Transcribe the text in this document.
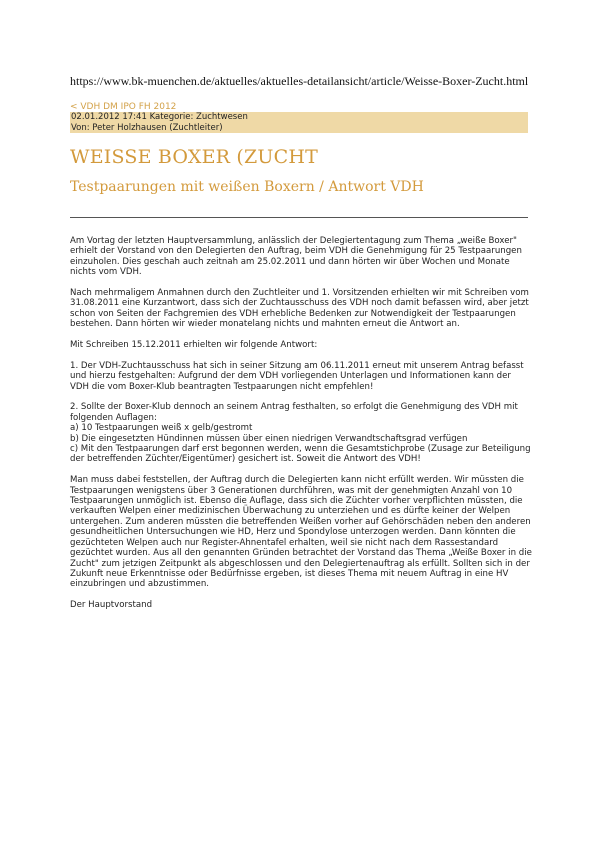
https://www.bk-muenchen.de/aktuelles/aktuelles-detailansicht/article/Weisse-Boxer-Zucht.html
< VDH DM IPO FH 2012
02.01.2012 17:41 Kategorie: Zuchtwesen
Von: Peter Holzhausen (Zuchtleiter)
WEISSE BOXER (ZUCHT
Testpaarungen mit weißen Boxern / Antwort VDH

Am Vortag der letzten Hauptversammlung, anlässlich der Delegiertentagung zum Thema „weiße Boxer" erhielt der Vorstand von den Delegierten den Auftrag, beim VDH die Genehmigung für 25 Testpaarungen einzuholen. Dies geschah auch zeitnah am 25.02.2011 und dann hörten wir über Wochen und Monate nichts vom VDH.

Nach mehrmaligem Anmahnen durch den Zuchtleiter und 1. Vorsitzenden erhielten wir mit Schreiben vom 31.08.2011 eine Kurzantwort, dass sich der Zuchtausschuss des VDH noch damit befassen wird, aber jetzt schon von Seiten der Fachgremien des VDH erhebliche Bedenken zur Notwendigkeit der Testpaarungen bestehen. Dann hörten wir wieder monatelang nichts und mahnten erneut die Antwort an.

Mit Schreiben 15.12.2011 erhielten wir folgende Antwort:

1. Der VDH-Zuchtausschuss hat sich in seiner Sitzung am 06.11.2011 erneut mit unserem Antrag befasst und hierzu festgehalten: Aufgrund der dem VDH vorliegenden Unterlagen und Informationen kann der VDH die vom Boxer-Klub beantragten Testpaarungen nicht empfehlen!

2. Sollte der Boxer-Klub dennoch an seinem Antrag festhalten, so erfolgt die Genehmigung des VDH mit folgenden Auflagen:
a) 10 Testpaarungen weiß x gelb/gestromt
b) Die eingesetzten Hündinnen müssen über einen niedrigen Verwandtschaftsgrad verfügen
c) Mit den Testpaarungen darf erst begonnen werden, wenn die Gesamtstichprobe (Zusage zur Beteiligung der betreffenden Züchter/Eigentümer) gesichert ist. Soweit die Antwort des VDH!

Man muss dabei feststellen, der Auftrag durch die Delegierten kann nicht erfüllt werden. Wir müssten die Testpaarungen wenigstens über 3 Generationen durchführen, was mit der genehmigten Anzahl von 10 Testpaarungen unmöglich ist. Ebenso die Auflage, dass sich die Züchter vorher verpflichten müssten, die verkauften Welpen einer medizinischen Überwachung zu unterziehen und es dürfte keiner der Welpen untergehen. Zum anderen müssten die betreffenden Weißen vorher auf Gehörschäden neben den anderen gesundheitlichen Untersuchungen wie HD, Herz und Spondylose unterzogen werden. Dann könnten die gezüchteten Welpen auch nur Register-Ahnentafel erhalten, weil sie nicht nach dem Rassestandard gezüchtet wurden. Aus all den genannten Gründen betrachtet der Vorstand das Thema „Weiße Boxer in die Zucht" zum jetzigen Zeitpunkt als abgeschlossen und den Delegiertenauftrag als erfüllt. Sollten sich in der Zukunft neue Erkenntnisse oder Bedürfnisse ergeben, ist dieses Thema mit neuem Auftrag in eine HV einzubringen und abzustimmen.

Der Hauptvorstand
